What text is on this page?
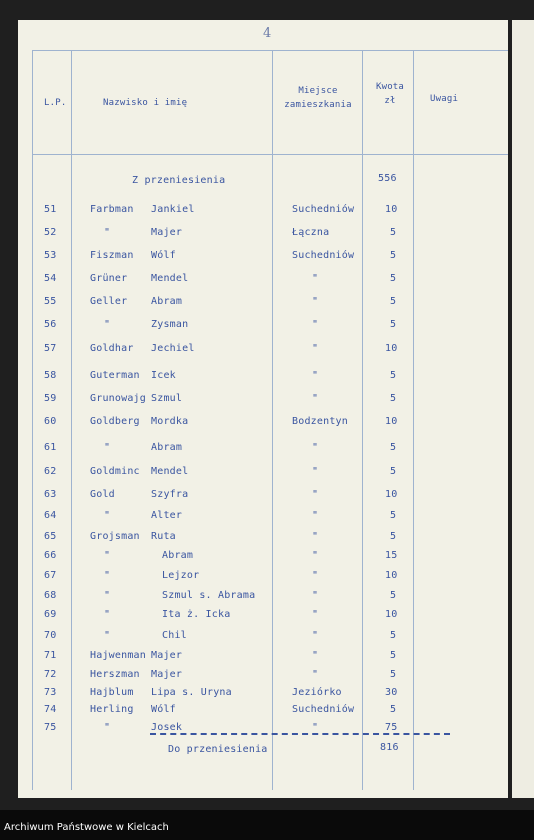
4
L.P.	Nazwisko i imię
Miejsce zamieszkania
Kwota zł	Uwagi
Z przeniesienia	556
51	Farbman Jankiel	Suchedniów	10
52	"	Majer	Łączna	5
53	Fiszman Wólf	Suchedniów	5
54	Grüner Mendel	"	5
55	Geller Abram	"	5
56	"	Zysman	"	5
57	Goldhar Jechiel	"	10
58	Guterman Icek	"	5
59	Grunowajg Szmul	"	5
60	Goldberg Mordka	Bodzentyn	10
61	"	Abram	"	5
62	Goldminc Mendel	"	5
63	Gold	Szyfra	"	10
64	"	Alter	"	5
65	Grojsman Ruta	"	5
66	"	Abram	"	15
67	"	Lejzor	"	10
68	"	Szmul s. Abrama	"	5
69	"	Ita ż. Icka	"	10
70	"	Chil	"	5
71	Hajwenman Majer	"	5
72	Herszman Majer	"	5
73	Hajblum Lipa s. Uryna	Jeziórko	30
74	Herling Wólf	Suchedniów	5
75	"	Josek	"	75
Do przeniesienia	816
Archiwum Państwowe w Kielcach
